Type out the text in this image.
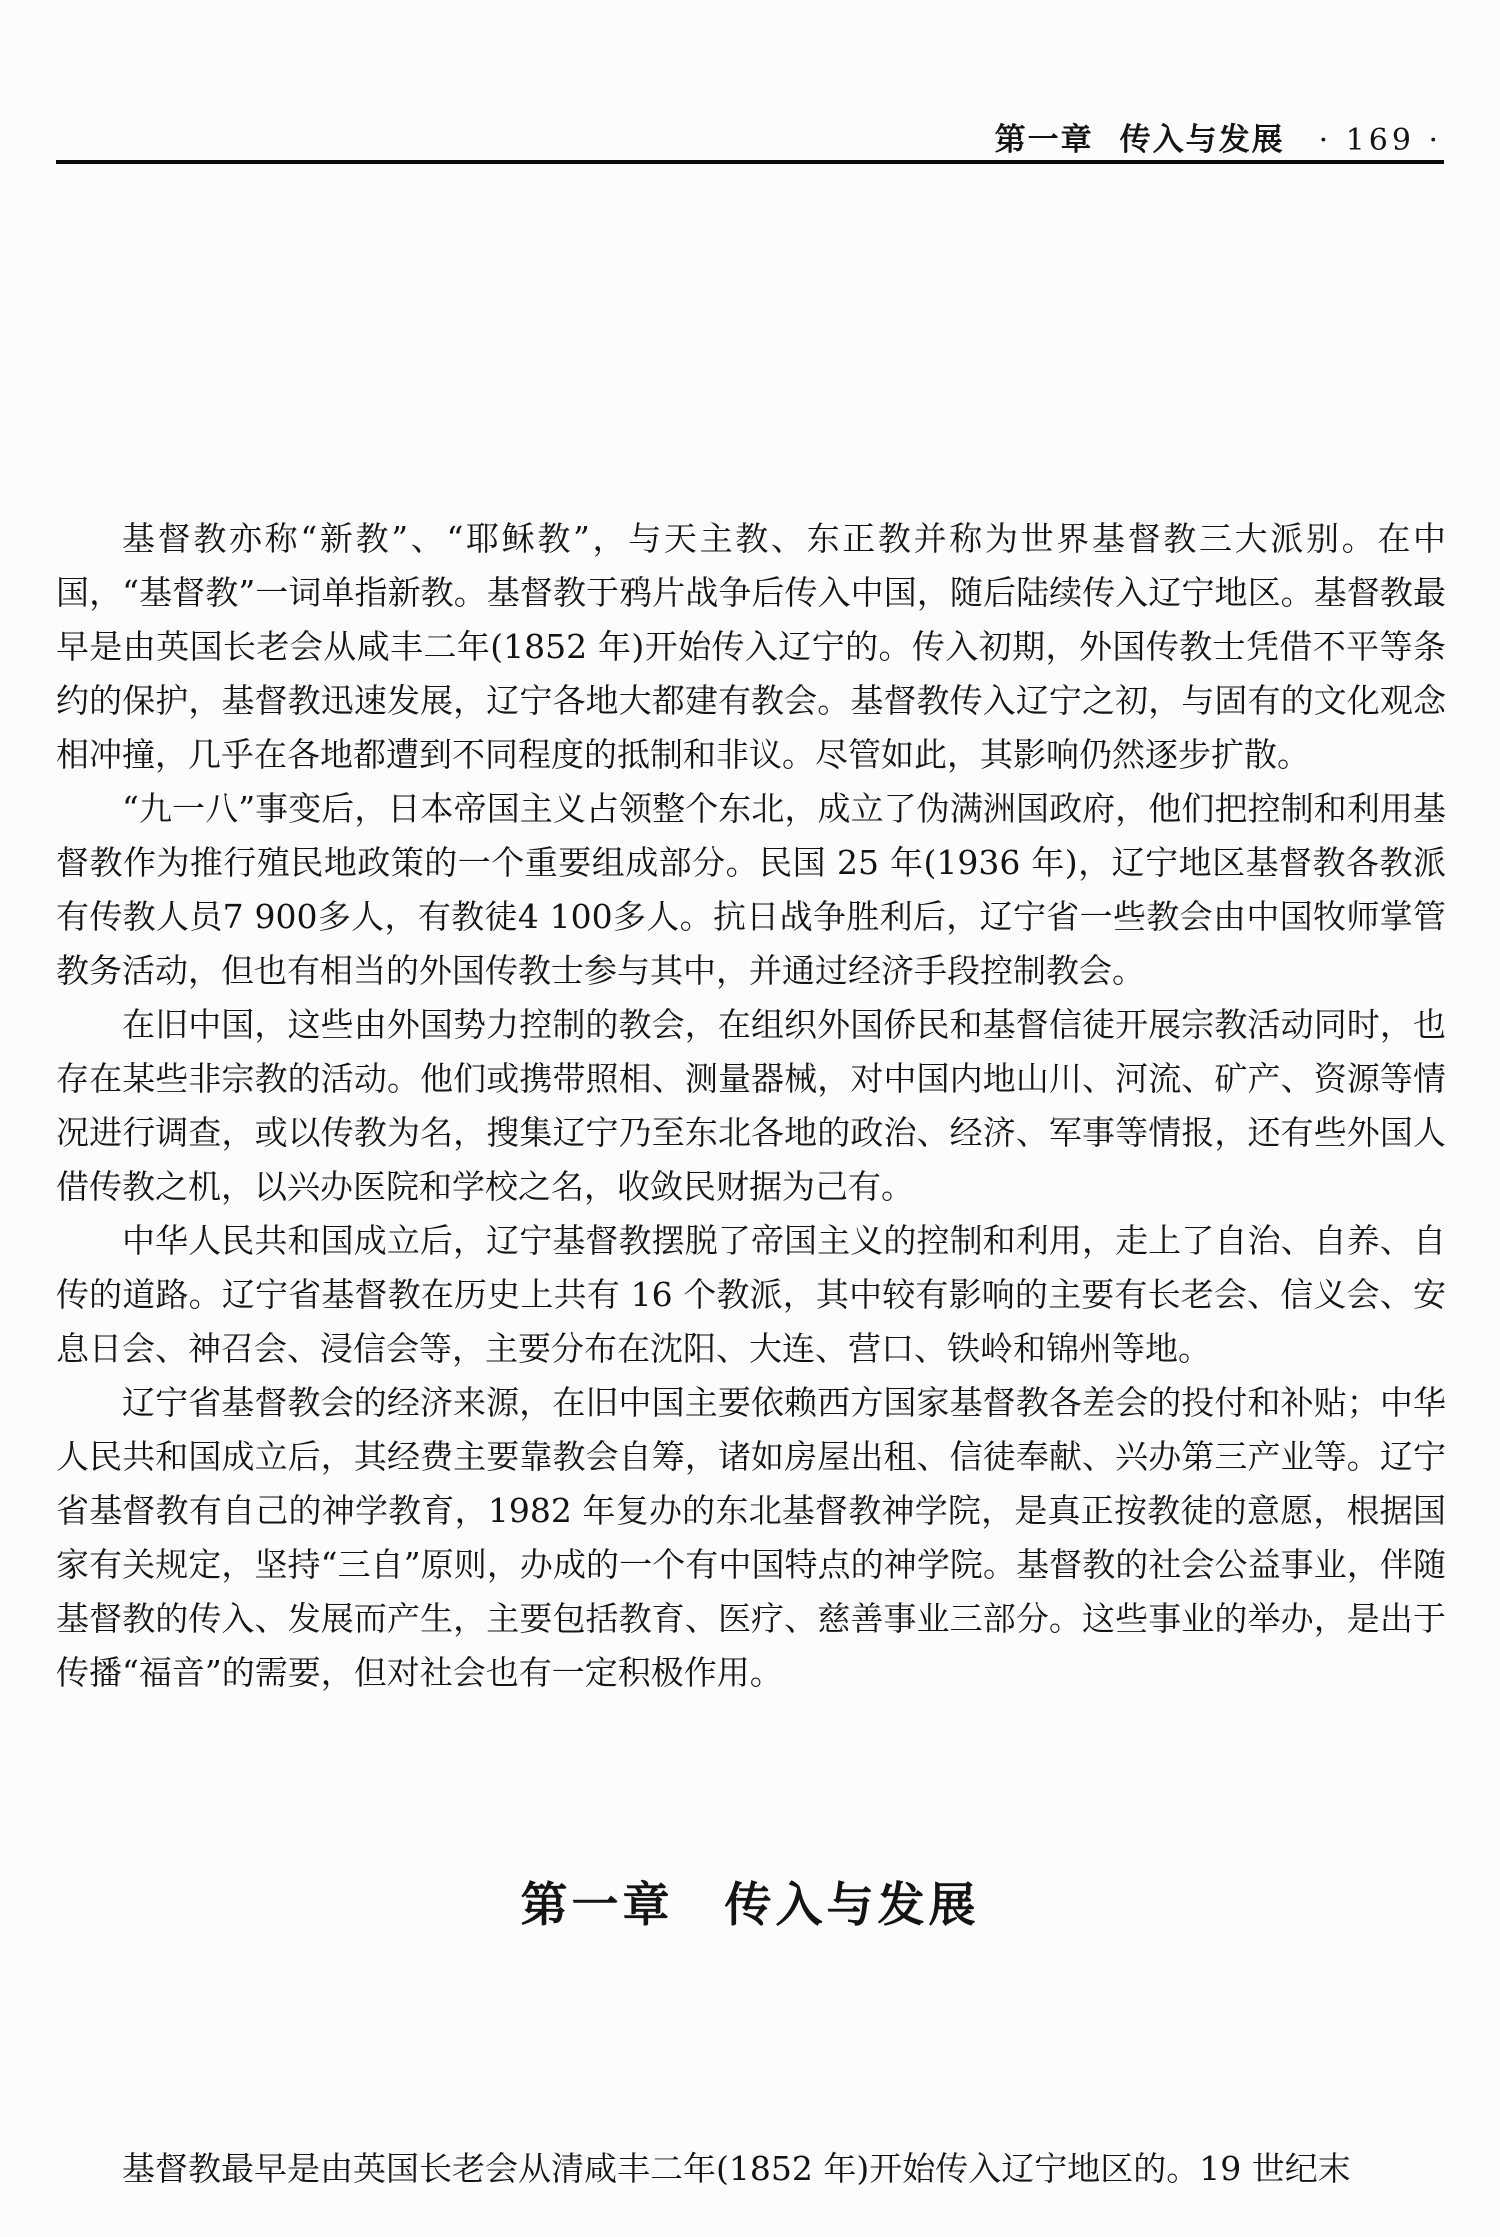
第一章 传入与发展 · 169 ·

基督教亦称“新教”、“耶稣教”，与天主教、东正教并称为世界基督教三大派别。在中国，“基督教”一词单指新教。基督教于鸦片战争后传入中国，随后陆续传入辽宁地区。基督教最早是由英国长老会从咸丰二年(1852 年)开始传入辽宁的。传入初期，外国传教士凭借不平等条约的保护，基督教迅速发展，辽宁各地大都建有教会。基督教传入辽宁之初，与固有的文化观念相冲撞，几乎在各地都遭到不同程度的抵制和非议。尽管如此，其影响仍然逐步扩散。

“九一八”事变后，日本帝国主义占领整个东北，成立了伪满洲国政府，他们把控制和利用基督教作为推行殖民地政策的一个重要组成部分。民国 25 年(1936 年)，辽宁地区基督教各教派有传教人员7 900多人，有教徒4 100多人。抗日战争胜利后，辽宁省一些教会由中国牧师掌管教务活动，但也有相当的外国传教士参与其中，并通过经济手段控制教会。

在旧中国，这些由外国势力控制的教会，在组织外国侨民和基督信徒开展宗教活动同时，也存在某些非宗教的活动。他们或携带照相、测量器械，对中国内地山川、河流、矿产、资源等情况进行调查，或以传教为名，搜集辽宁乃至东北各地的政治、经济、军事等情报，还有些外国人借传教之机，以兴办医院和学校之名，收敛民财据为己有。

中华人民共和国成立后，辽宁基督教摆脱了帝国主义的控制和利用，走上了自治、自养、自传的道路。辽宁省基督教在历史上共有 16 个教派，其中较有影响的主要有长老会、信义会、安息日会、神召会、浸信会等，主要分布在沈阳、大连、营口、铁岭和锦州等地。

辽宁省基督教会的经济来源，在旧中国主要依赖西方国家基督教各差会的投付和补贴；中华人民共和国成立后，其经费主要靠教会自筹，诸如房屋出租、信徒奉献、兴办第三产业等。辽宁省基督教有自己的神学教育，1982 年复办的东北基督教神学院，是真正按教徒的意愿，根据国家有关规定，坚持“三自”原则，办成的一个有中国特点的神学院。基督教的社会公益事业，伴随基督教的传入、发展而产生，主要包括教育、医疗、慈善事业三部分。这些事业的举办，是出于传播“福音”的需要，但对社会也有一定积极作用。

第一章　传入与发展

基督教最早是由英国长老会从清咸丰二年(1852 年)开始传入辽宁地区的。19 世纪末
